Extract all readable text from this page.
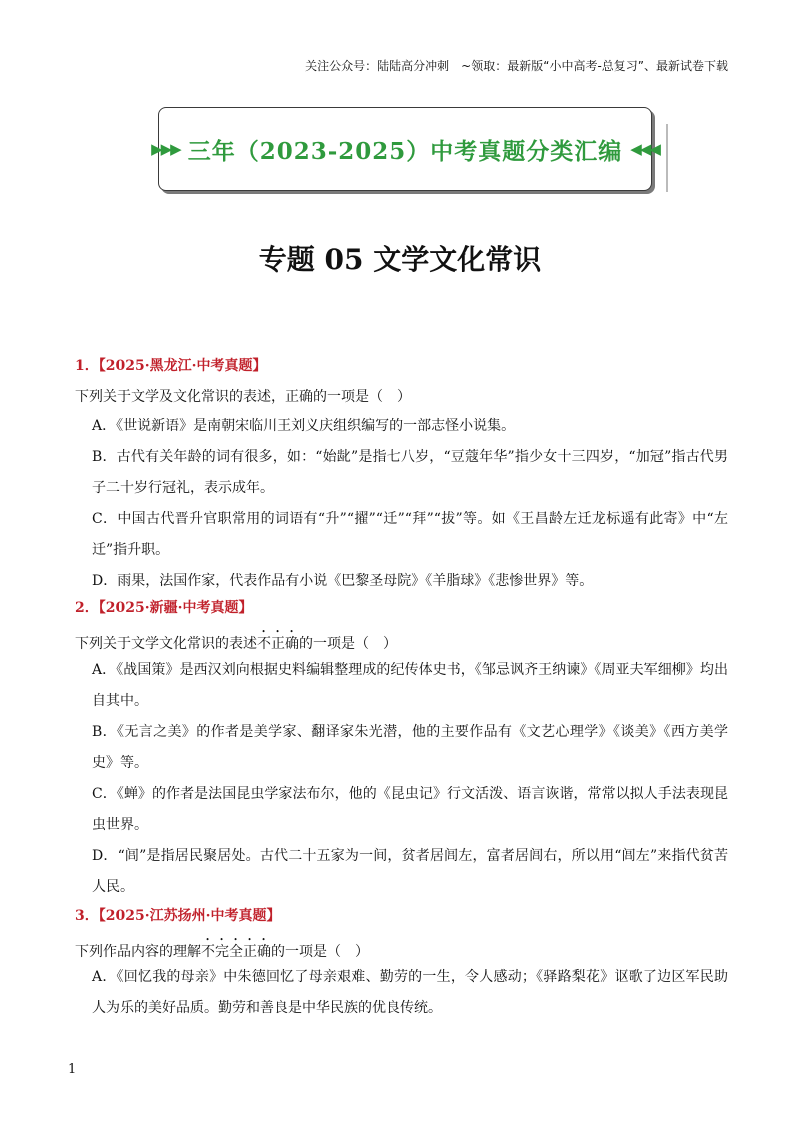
关注公众号：陆陆高分冲刺　~领取：最新版“小中高考-总复习”、最新试卷下载
▶▶▶ 三年（2023-2025）中考真题分类汇编 ◀◀◀
专题 05 文学文化常识
1．【2025·黑龙江·中考真题】
下列关于文学及文化常识的表述，正确的一项是（　）
A．《世说新语》是南朝宋临川王刘义庆组织编写的一部志怪小说集。
B．古代有关年龄的词有很多，如：“始龀”是指七八岁，“豆蔻年华”指少女十三四岁，“加冠”指古代男子二十岁行冠礼，表示成年。
C．中国古代晋升官职常用的词语有“升”“擢”“迁”“拜”“拔”等。如《王昌龄左迁龙标遥有此寄》中“左迁”指升职。
D．雨果，法国作家，代表作品有小说《巴黎圣母院》《羊脂球》《悲惨世界》等。
2．【2025·新疆·中考真题】
下列关于文学文化常识的表述不正确的一项是（　）
A．《战国策》是西汉刘向根据史料编辑整理成的纪传体史书，《邹忌讽齐王纳谏》《周亚夫军细柳》均出自其中。
B．《无言之美》的作者是美学家、翻译家朱光潜，他的主要作品有《文艺心理学》《谈美》《西方美学史》等。
C．《蝉》的作者是法国昆虫学家法布尔，他的《昆虫记》行文活泼、语言诙谐，常常以拟人手法表现昆虫世界。
D．“闾”是指居民聚居处。古代二十五家为一间，贫者居闾左，富者居闾右，所以用“闾左”来指代贫苦人民。
3．【2025·江苏扬州·中考真题】
下列作品内容的理解不完全正确的一项是（　）
A．《回忆我的母亲》中朱德回忆了母亲艰难、勤劳的一生，令人感动；《驿路梨花》讴歌了边区军民助人为乐的美好品质。勤劳和善良是中华民族的优良传统。
1
